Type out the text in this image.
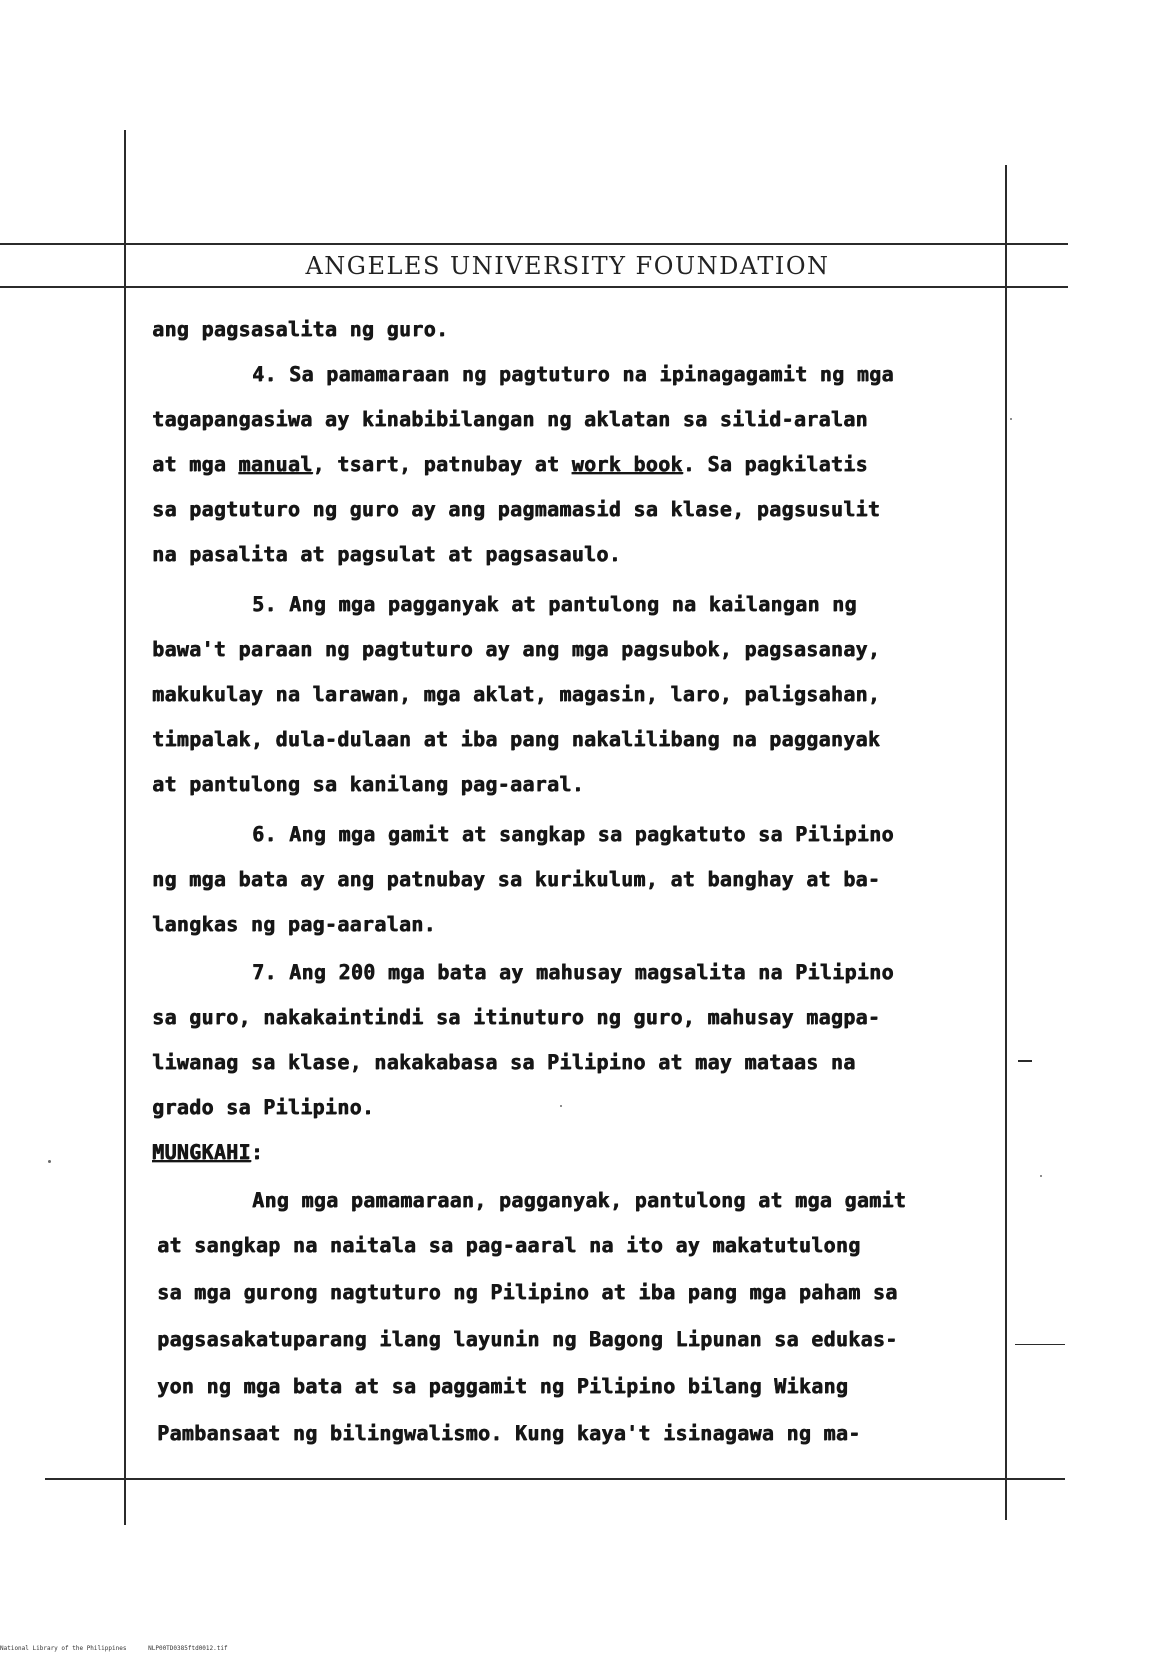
ANGELES UNIVERSITY FOUNDATION
ang pagsasalita ng guro.
4. Sa pamamaraan ng pagtuturo na ipinagagamit ng mga
tagapangasiwa ay kinabibilangan ng aklatan sa silid-aralan
at mga manual, tsart, patnubay at work book. Sa pagkilatis
sa pagtuturo ng guro ay ang pagmamasid sa klase, pagsusulit
na pasalita at pagsulat at pagsasaulo.
5. Ang mga pagganyak at pantulong na kailangan ng
bawa't paraan ng pagtuturo ay ang mga pagsubok, pagsasanay,
makukulay na larawan, mga aklat, magasin, laro, paligsahan,
timpalak, dula-dulaan at iba pang nakalilibang na pagganyak
at pantulong sa kanilang pag-aaral.
6. Ang mga gamit at sangkap sa pagkatuto sa Pilipino
ng mga bata ay ang patnubay sa kurikulum, at banghay at ba-
langkas ng pag-aaralan.
7. Ang 200 mga bata ay mahusay magsalita na Pilipino
sa guro, nakakaintindi sa itinuturo ng guro, mahusay magpa-
liwanag sa klase, nakakabasa sa Pilipino at may mataas na
grado sa Pilipino.
MUNGKAHI:
Ang mga pamamaraan, pagganyak, pantulong at mga gamit
at sangkap na naitala sa pag-aaral na ito ay makatutulong
sa mga gurong nagtuturo ng Pilipino at iba pang mga paham sa
pagsasakatuparang ilang layunin ng Bagong Lipunan sa edukas-
yon ng mga bata at sa paggamit ng Pilipino bilang Wikang
Pambansaat ng bilingwalismo. Kung kaya't isinagawa ng ma-
National Library of the Philippines	NLP00TD0385ftd0012.tif
